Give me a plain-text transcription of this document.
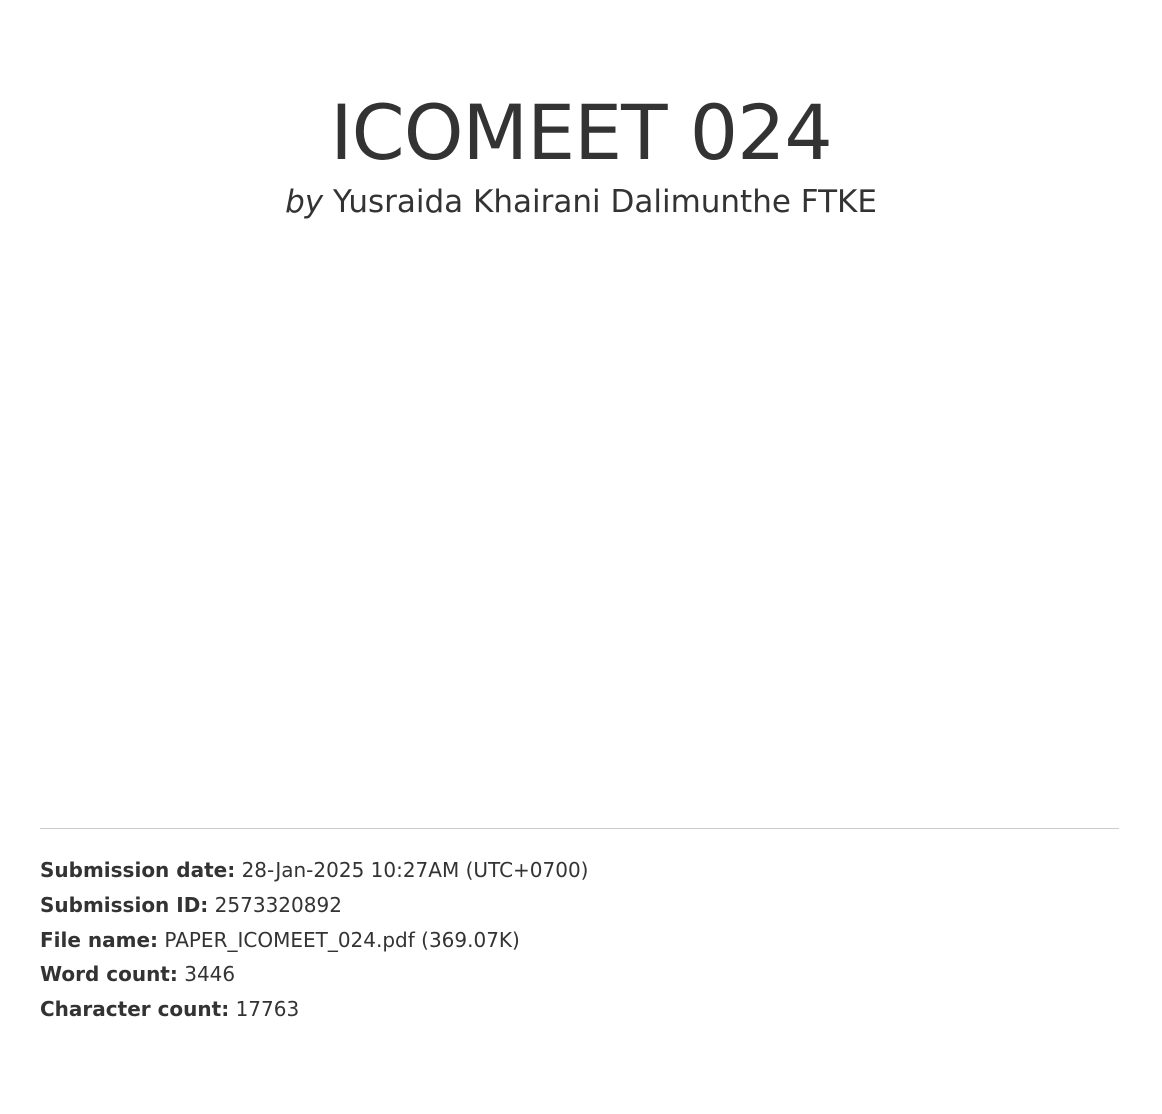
ICOMEET 024
by Yusraida Khairani Dalimunthe FTKE
Submission date: 28-Jan-2025 10:27AM (UTC+0700)
Submission ID: 2573320892
File name: PAPER_ICOMEET_024.pdf (369.07K)
Word count: 3446
Character count: 17763
